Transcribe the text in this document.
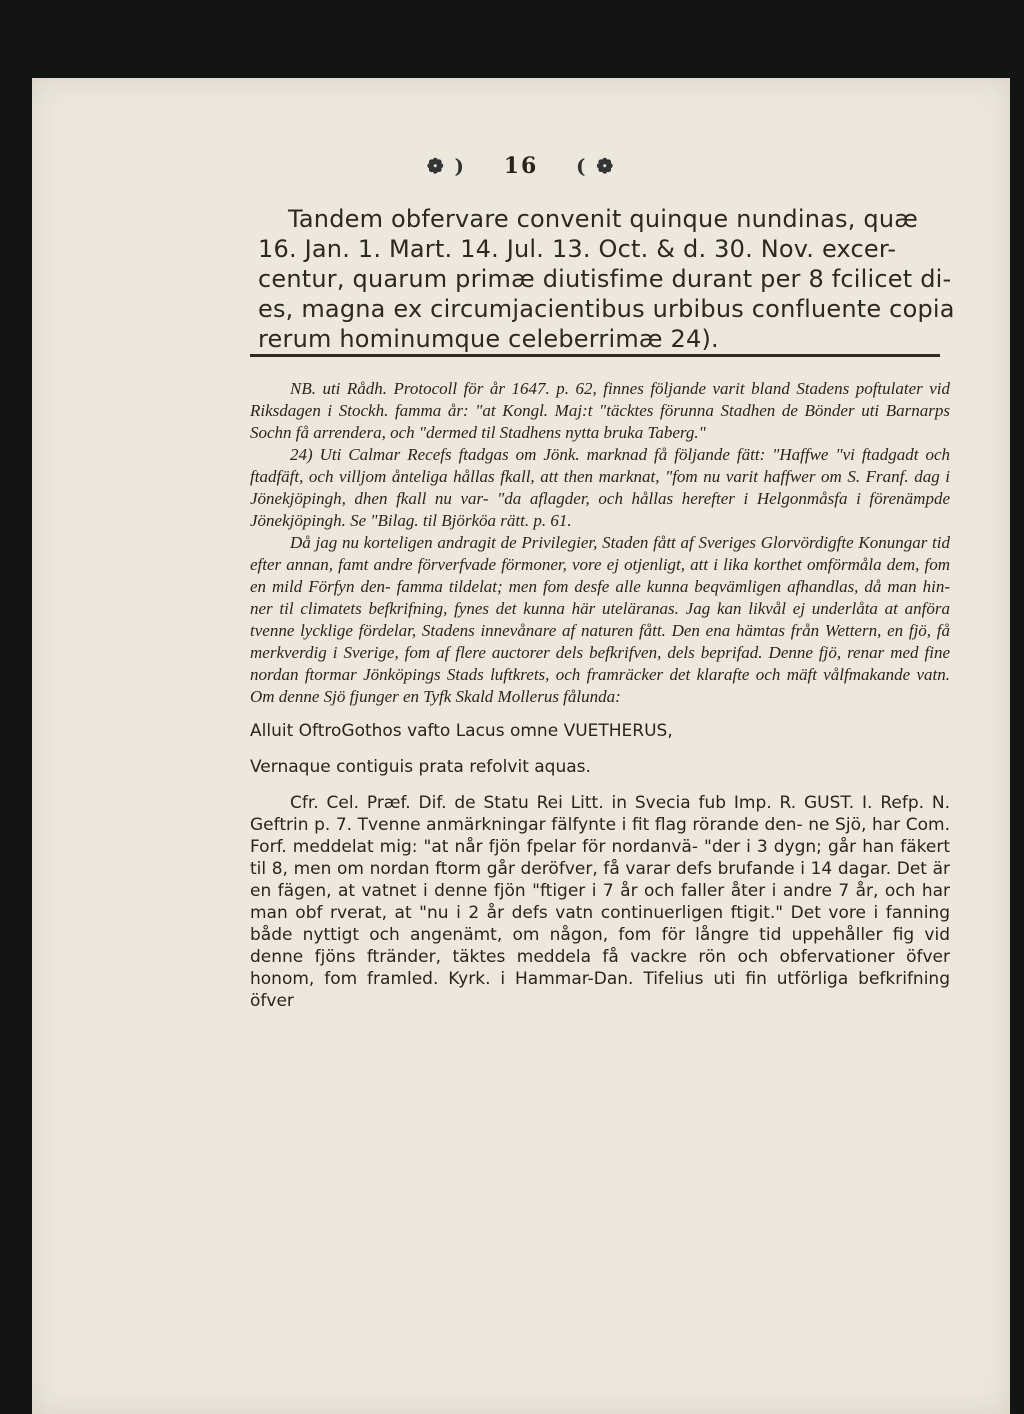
❁ ) 16 ( ❁

Tandem obfervare convenit quinque nundinas, quæ

16. Jan. 1. Mart. 14. Jul. 13. Oct. & d. 30. Nov. excer-

centur, quarum primæ diutisfime durant per 8 fcilicet di-

es, magna ex circumjacientibus urbibus confluente copia

rerum hominumque celeberrimæ 24).

NB. uti Rådh. Protocoll för år 1647. p. 62, finnes följande varit bland Stadens poftulater vid Riksdagen i Stockh. famma år: "at Kongl. Maj:t "täcktes förunna Stadhen de Bönder uti Barnarps Sochn få arrendera, och "dermed til Stadhens nytta bruka Taberg."

24) Uti Calmar Recefs ftadgas om Jönk. marknad få följande fätt: "Haffwe "vi ftadgadt och ftadfäft, och villjom ånteliga hållas fkall, att then marknat, "fom nu varit haffwer om S. Franf. dag i Jönekjöpingh, dhen fkall nu var- "da aflagder, och hållas herefter i Helgonmåsfa i förenämpde Jönekjöpingh. Se "Bilag. til Björköa rätt. p. 61.

Då jag nu korteligen andragit de Privilegier, Staden fått af Sveriges Glorvördigfte Konungar tid efter annan, famt andre förverfvade förmoner, vore ej otjenligt, att i lika korthet omförmåla dem, fom en mild Förfyn den- famma tildelat; men fom desfe alle kunna beqvämligen afhandlas, då man hin- ner til climatets befkrifning, fynes det kunna här uteläranas. Jag kan likvål ej underlåta at anföra tvenne lycklige fördelar, Stadens innevånare af naturen fått. Den ena hämtas från Wettern, en fjö, få merkverdig i Sverige, fom af flere auctorer dels befkrifven, dels beprifad. Denne fjö, renar med fine nordan ftormar Jönköpings Stads luftkrets, och framräcker det klarafte och mäft vålfmakande vatn. Om denne Sjö fjunger en Tyfk Skald Mollerus fålunda:

Alluit OftroGothos vafto Lacus omne VUETHERUS,

Vernaque contiguis prata refolvit aquas.

Cfr. Cel. Præf. Dif. de Statu Rei Litt. in Svecia fub Imp. R. GUST. I. Refp. N. Geftrin p. 7. Tvenne anmärkningar fälfynte i fit flag rörande den- ne Sjö, har Com. Forf. meddelat mig: "at når fjön fpelar för nordanvä- "der i 3 dygn; går han fäkert til 8, men om nordan ftorm går deröfver, få varar defs brufande i 14 dagar. Det är en fägen, at vatnet i denne fjön "ftiger i 7 år och faller åter i andre 7 år, och har man obf rverat, at "nu i 2 år defs vatn continuerligen ftigit." Det vore i fanning både nyttigt och angenämt, om någon, fom för långre tid uppehåller fig vid denne fjöns ftränder, täktes meddela få vackre rön och obfervationer öfver honom, fom framled. Kyrk. i Hammar-Dan. Tifelius uti fin utförliga befkrifning öfver
